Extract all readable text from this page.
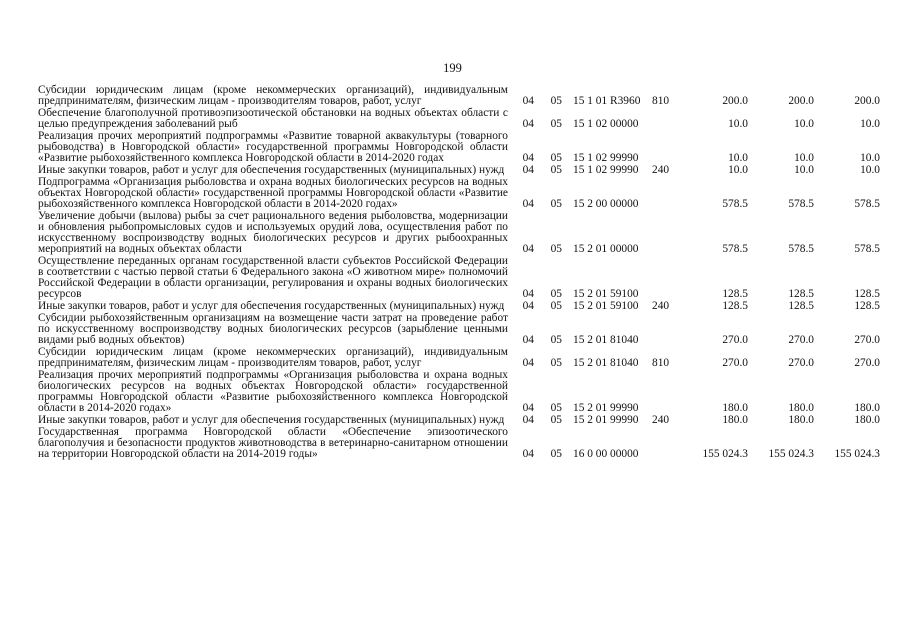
199
Субсидии юридическим лицам (кроме некоммерческих организаций), индивидуальным предпринимателям, физическим лицам - производителям товаров, работ, услуг	04	05 15 1 01 R3960	810	200.0	200.0	200.0
Обеспечение благополучной противоэпизоотической обстановки на водных объектах области с целью предупреждения заболеваний рыб	04	05 15 1 02 00000	10.0	10.0	10.0
Реализация прочих мероприятий подпрограммы «Развитие товарной аквакультуры (товарного рыбоводства) в Новгородской области» государственной программы Новгородской области «Развитие рыбохозяйственного комплекса Новгородской области в 2014-2020 годах	04	05 15 1 02 99990	10.0	10.0	10.0
Иные закупки товаров, работ и услуг для обеспечения государственных (муниципальных) нужд	04	05 15 1 02 99990	240	10.0	10.0	10.0
Подпрограмма «Организация рыболовства и охрана водных биологических ресурсов на водных объектах Новгородской области» государственной программы Новгородской области «Развитие рыбохозяйственного комплекса Новгородской области в 2014-2020 годах»	04	05 15 2 00 00000	578.5	578.5	578.5
Увеличение добычи (вылова) рыбы за счет рационального ведения рыболовства, модернизации и обновления рыбопромысловых судов и используемых орудий лова, осуществления работ по искусственному воспроизводству водных биологических ресурсов и других рыбоохранных мероприятий на водных объектах области	04	05 15 2 01 00000	578.5	578.5	578.5
Осуществление переданных органам государственной власти субъектов Российской Федерации в соответствии с частью первой статьи 6 Федерального закона «О животном мире» полномочий Российской Федерации в области организации, регулирования и охраны водных биологических ресурсов	04	05 15 2 01 59100	128.5	128.5	128.5
Иные закупки товаров, работ и услуг для обеспечения государственных (муниципальных) нужд	04	05 15 2 01 59100	240	128.5	128.5	128.5
Субсидии рыбохозяйственным организациям на возмещение части затрат на проведение работ по искусственному воспроизводству водных биологических ресурсов (зарыбление ценными видами рыб водных объектов)	04	05 15 2 01 81040	270.0	270.0	270.0
Субсидии юридическим лицам (кроме некоммерческих организаций), индивидуальным предпринимателям, физическим лицам - производителям товаров, работ, услуг	04	05 15 2 01 81040	810	270.0	270.0	270.0
Реализация прочих мероприятий подпрограммы «Организация рыболовства и охрана водных биологических ресурсов на водных объектах Новгородской области» государственной программы Новгородской области «Развитие рыбохозяйственного комплекса Новгородской области в 2014-2020 годах»	04	05 15 2 01 99990	180.0	180.0	180.0
Иные закупки товаров, работ и услуг для обеспечения государственных (муниципальных) нужд	04	05 15 2 01 99990	240	180.0	180.0	180.0
Государственная программа Новгородской области «Обеспечение эпизоотического благополучия и безопасности продуктов животноводства в ветеринарно-санитарном отношении на территории Новгородской области на 2014-2019 годы»	04	05 16 0 00 00000	155 024.3	155 024.3	155 024.3
